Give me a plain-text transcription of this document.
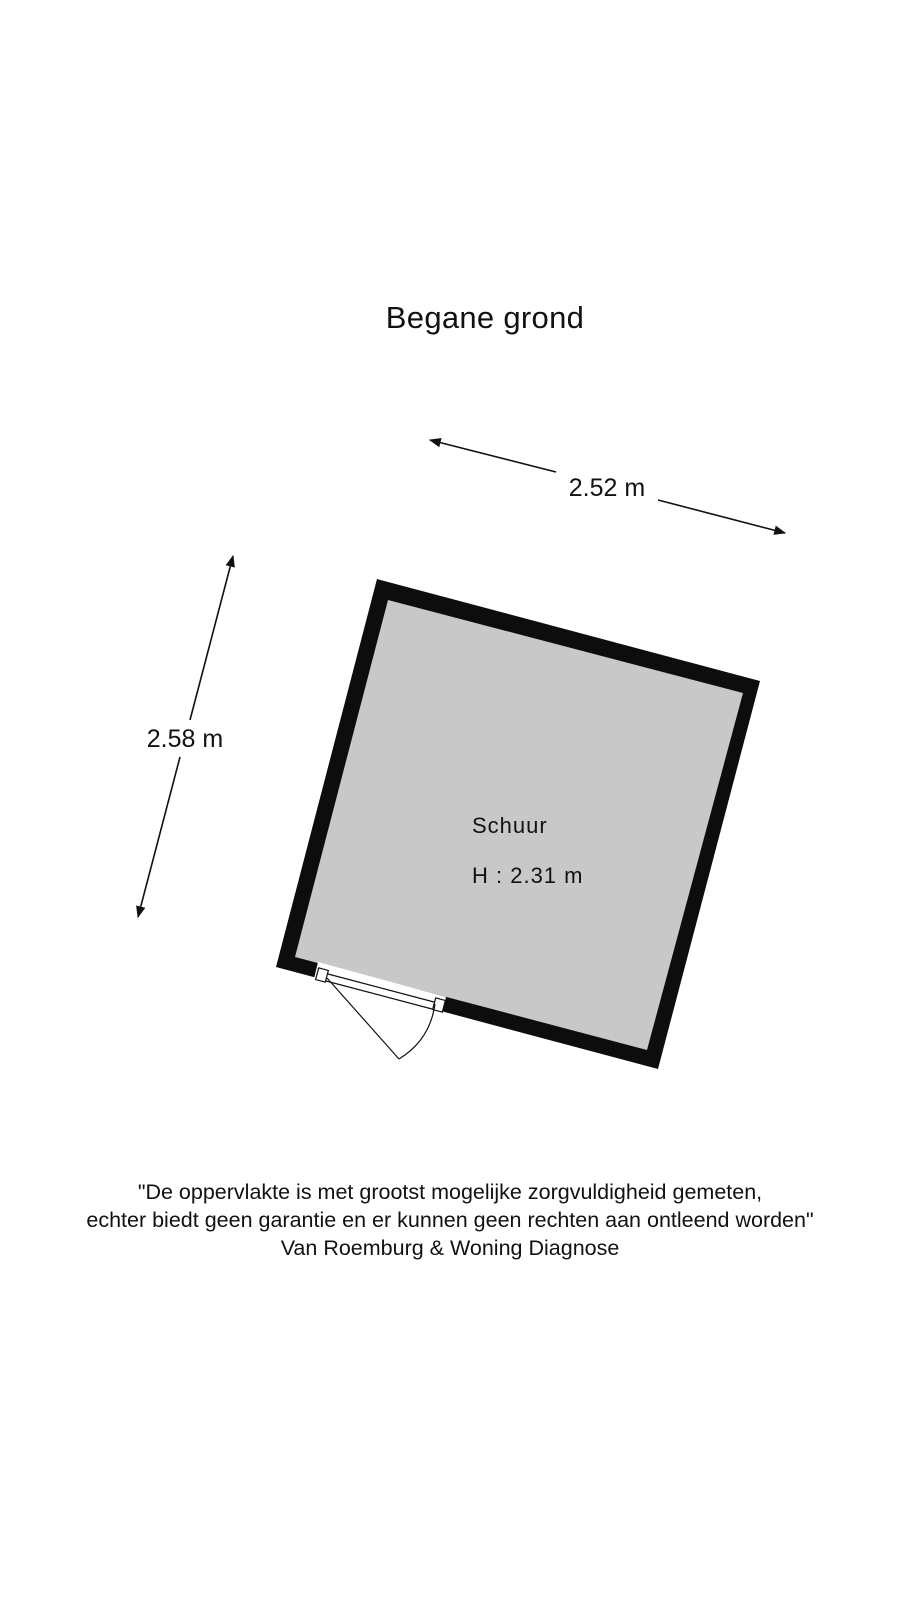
Begane grond
2.52 m
2.58 m
Schuur
H : 2.31 m
"De oppervlakte is met grootst mogelijke zorgvuldigheid gemeten,
echter biedt geen garantie en er kunnen geen rechten aan ontleend worden"
Van Roemburg & Woning Diagnose
